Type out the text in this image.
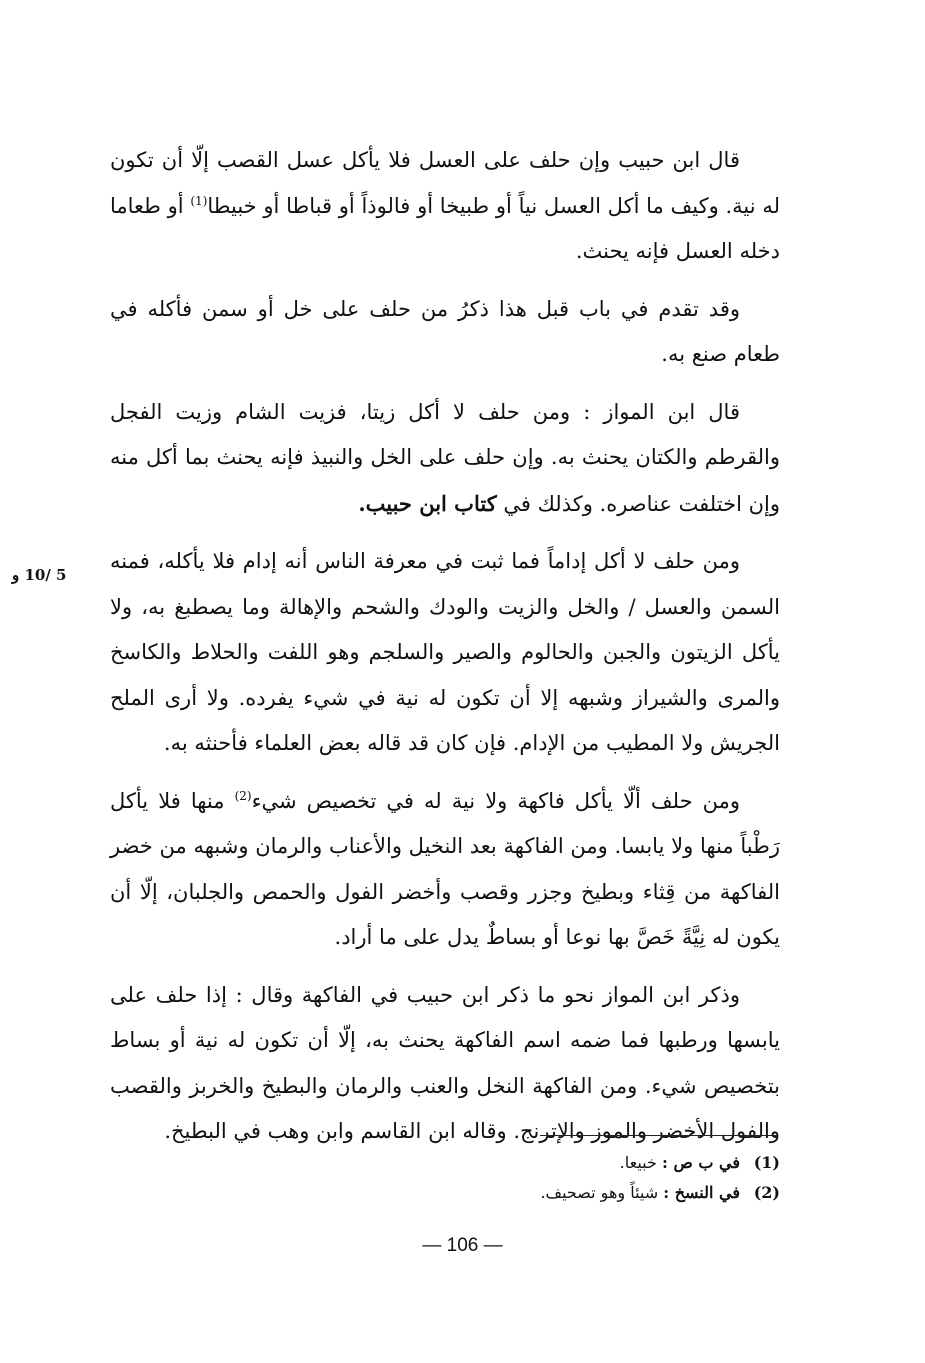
قال ابن حبيب وإن حلف على العسل فلا يأكل عسل القصب إلّا أن تكون له نية. وكيف ما أكل العسل نياً أو طبيخا أو فالوذاً أو قباطا أو خبيطا$^{(1)}$ أو طعاما دخله العسل فإنه يحنث.

وقد تقدم في باب قبل هذا ذكرُ من حلف على خل أو سمن فأكله في طعام صنع به.

قال ابن المواز : ومن حلف لا أكل زيتا، فزيت الشام وزيت الفجل والقرطم والكتان يحنث به. وإن حلف على الخل والنبيذ فإنه يحنث بما أكل منه وإن اختلفت عناصره. وكذلك في كتاب ابن حبيب.

ومن حلف لا أكل إداماً فما ثبت في معرفة الناس أنه إدام فلا يأكله، فمنه السمن والعسل / والخل والزيت والودك والشحم والإهالة وما يصطبغ به، ولا يأكل الزيتون والجبن والحالوم والصير والسلجم وهو اللفت والحلاط والكاسخ والمرى والشيراز وشبهه إلا أن تكون له نية في شيء يفرده. ولا أرى الملح الجريش ولا المطيب من الإدام. فإن كان قد قاله بعض العلماء فأحنثه به.

ومن حلف ألّا يأكل فاكهة ولا نية له في تخصيص شيء$^{(2)}$ منها فلا يأكل رَطْباً منها ولا يابسا. ومن الفاكهة بعد النخيل والأعناب والرمان وشبهه من خضر الفاكهة من قِثاء وبطيخ وجزر وقصب وأخضر الفول والحمص والجلبان، إلّا أن يكون له نِيَّةً خَصَّ بها نوعا أو بساطٌ يدل على ما أراد.

وذكر ابن المواز نحو ما ذكر ابن حبيب في الفاكهة وقال : إذا حلف على يابسها ورطبها فما ضمه اسم الفاكهة يحنث به، إلّا أن تكون له نية أو بساط بتخصيص شيء. ومن الفاكهة النخل والعنب والرمان والبطيخ والخربز والقصب والفول الأخضر والموز والإترنج. وقاله ابن القاسم وابن وهب في البطيخ.

5 /10 و
(1)
في ب ص : خبيعا.
(2)
في النسخ : شيئاً وهو تصحيف.
— 106 —
